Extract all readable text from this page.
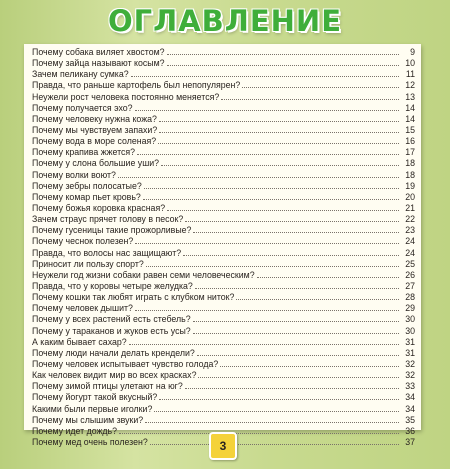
ОГЛАВЛЕНИЕ
Почему собака виляет хвостом?	9
Почему зайца называют косым?	10
Зачем пеликану сумка?	11
Правда, что раньше картофель был непопулярен?	12
Неужели рост человека постоянно меняется?	13
Почему получается эхо?	14
Почему человеку нужна кожа?	14
Почему мы чувствуем запахи?	15
Почему вода в море соленая?	16
Почему крапива жжется?	17
Почему у слона большие уши?	18
Почему волки воют?	18
Почему зебры полосатые?	19
Почему комар пьет кровь?	20
Почему божья коровка красная?	21
Зачем страус прячет голову в песок?	22
Почему гусеницы такие прожорливые?	23
Почему чеснок полезен?	24
Правда, что волосы нас защищают?	24
Приносит ли пользу спорт?	25
Неужели год жизни собаки равен семи человеческим?	26
Правда, что у коровы четыре желудка?	27
Почему кошки так любят играть с клубком ниток?	28
Почему человек дышит?	29
Почему у всех растений есть стебель?	30
Почему у тараканов и жуков есть усы?	30
А каким бывает сахар?	31
Почему люди начали делать крендели?	31
Почему человек испытывает чувство голода?	32
Как человек видит мир во всех красках?	32
Почему зимой птицы улетают на юг?	33
Почему йогурт такой вкусный?	34
Какими были первые иголки?	34
Почему мы слышим звуки?	35
Почему идет дождь?	36
Почему мед очень полезен?	37
3
